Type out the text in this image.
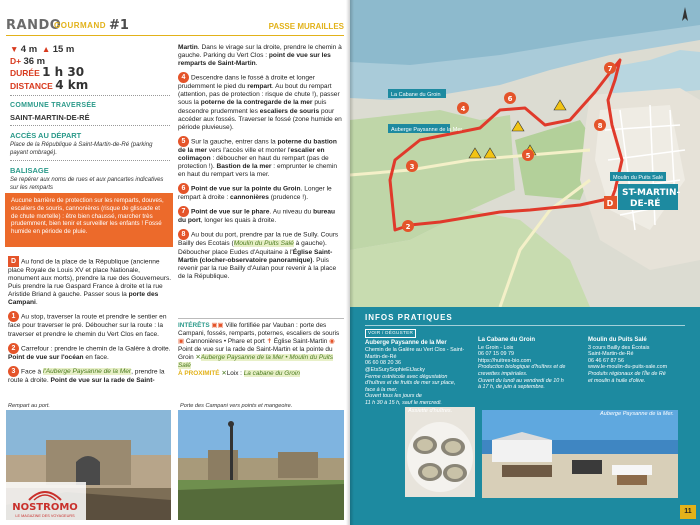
RANDO
GOURMAND #1	PASSE MURAILLES
▼ 4 m ▲ 15 m
D+ 36 m
DURÉE 1 h 30
DISTANCE 4 km
COMMUNE TRAVERSÉE
SAINT-MARTIN-DE-RÉ
ACCÈS AU DÉPART
Place de la République à Saint-Martin-de-Ré (parking payant ombragé).
BALISAGE
Se repérer aux noms de rues et aux pancartes indicatives sur les remparts
Aucune barrière de protection sur les remparts, douves, escaliers de souris, cannonières (risque de glissade et de chute mortelle) : être bien chaussé, marcher très prudemment, bien tenir et surveiller les enfants ! Fossé humide en période de pluie.

D Au fond de la place de la République (ancienne place Royale de Louis XV et place Nationale, monument aux morts), prendre la rue des Gouverneurs. Puis prendre la rue Gaspard France à droite et la rue Aristide Briand à gauche. Passer sous la porte des Campani.

1 Au stop, traverser la route et prendre le sentier en face pour traverser le pré. Déboucher sur la route : la traverser et prendre le chemin du Vert Clos en face.

2 Carrefour : prendre le chemin de la Galère à droite. Point de vue sur l'océan en face.

3 Face à l'Auberge Paysanne de la Mer, prendre la route à droite. Point de vue sur la rade de Saint-

Martin. Dans le virage sur la droite, prendre le chemin à gauche. Parking du Vert Clos : point de vue sur les remparts de Saint-Martin.

4 Descendre dans le fossé à droite et longer prudemment le pied du rempart. Au bout du rempart (attention, pas de protection : risque de chute !), passer sous la poterne de la contregarde de la mer puis descendre prudemment les escaliers de souris pour accéder aux fossés. Traverser le fossé (zone humide en période pluvieuse).

5 Sur la gauche, entrer dans la poterne du bastion de la mer vers l'accès ville et monter l'escalier en colimaçon : déboucher en haut du rempart (pas de protection !). Bastion de la mer : emprunter le chemin en haut du rempart vers la mer.

6 Point de vue sur la pointe du Groin. Longer le rempart à droite : cannonières (prudence !).

7 Point de vue sur le phare. Au niveau du bureau du port, longer les quais à droite.

8 Au bout du port, prendre par la rue de Sully. Cours Bailly des Ecotais (Moulin du Puits Salé à gauche). Déboucher place Eudes d'Aquitaine à l'Église Saint-Martin (clocher-observatoire panoramique). Puis revenir par la rue Bailly d'Aulan pour revenir à la place de la République.

INTÉRÊTS ▣▣ Ville fortifiée par Vauban : porte des Campani, fossés, remparts, poternes, escaliers de souris ▣ Cannonières • Phare et port ✝ Église Saint-Martin ◉ Point de vue sur la rade de Saint-Martin et la pointe du Groin ✕Auberge Paysanne de la Mer • Moulin du Puits Salé
À PROXIMITÉ ✕Loix : La cabane du Groin
Rempart au port.	Porte des Campani vers points et mangeoire.
NOSTROMO
LE MAGAZINE DES VOYAGEURS
2
3
4
5
6
7
8
D
La Cabane du Groin
Auberge Paysanne de la Mer
Moulin du Puits Salé
ST-MARTIN-
DE-RÉ
INFOS PRATIQUES
VOIR / DÉGUSTER
Auberge Paysanne de la Mer
Chemin de la Galère au Vert Clos - Saint-Martin-de-Ré
06 60 08 20 36
@EtsSurySophieEtJacky
Ferme ostréicole avec dégustation d'huîtres et de fruits de mer sur place, face à la mer.
Ouvert tous les jours de
11 h 30 à 15 h, sauf le mercredi.
La Cabane du Groin
Le Groin - Loix
06 07 15 09 79
https://huitres-bio.com
Production biologique d'huîtres et de crevettes impériales.
Ouvert du lundi au vendredi de 10 h
à 17 h, de juin à septembre.
Moulin du Puits Salé
3 cours Bailly des Écotais
Saint-Martin-de-Ré
06 46 67 87 56
www.le-moulin-du-puits-sale.com
Produits régionaux de l'Île de Ré
et moulin à huile d'olive.
Assiette d'huîtres.	Auberge Paysanne de la Mer.
11
